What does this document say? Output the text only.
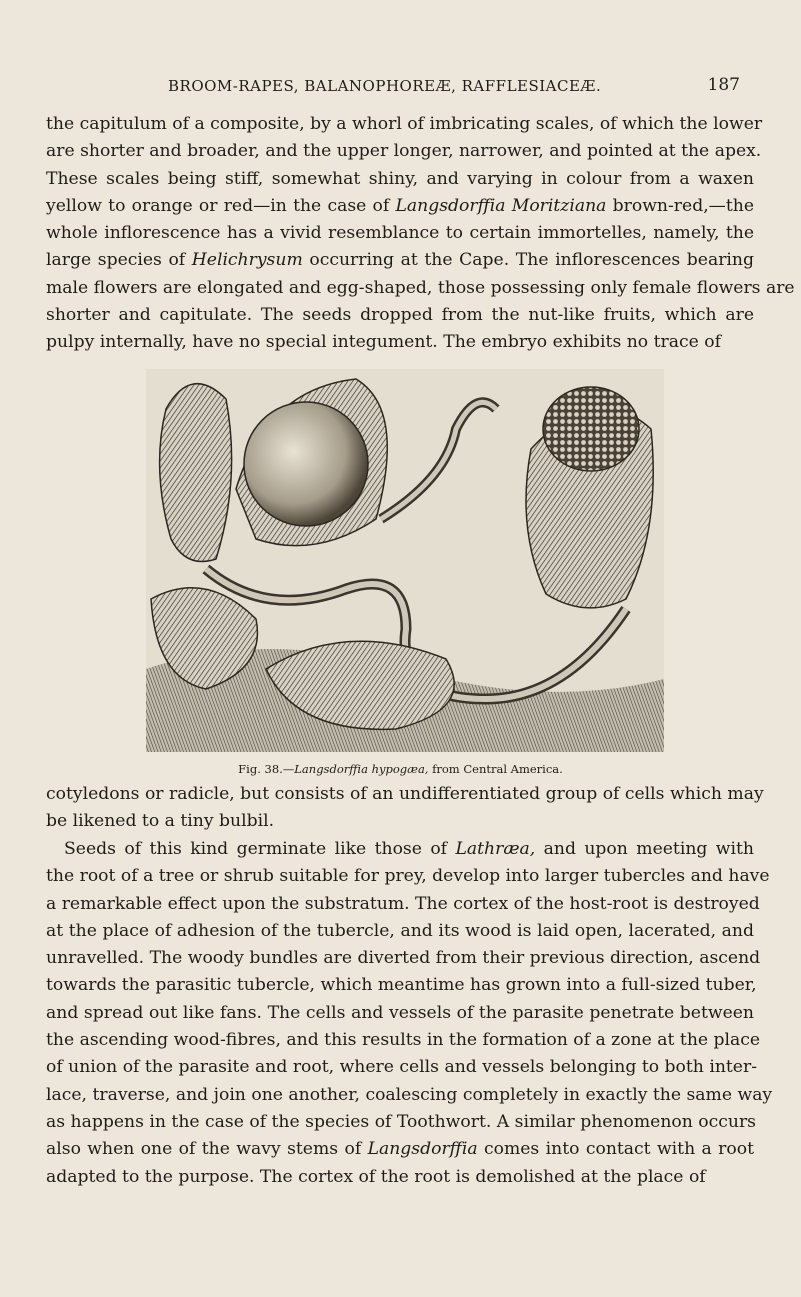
BROOM-RAPES, BALANOPHOREÆ, RAFFLESIACEÆ.	187

the capitulum of a composite, by a whorl of imbricating scales, of which the lower
are shorter and broader, and the upper longer, narrower, and pointed at the apex.
These scales being stiff, somewhat shiny, and varying in colour from a waxen
yellow to orange or red—in the case of Langsdorffia Moritziana brown-red,—the
whole inflorescence has a vivid resemblance to certain immortelles, namely, the
large species of Helichrysum occurring at the Cape. The inflorescences bearing
male flowers are elongated and egg-shaped, those possessing only female flowers are
shorter and capitulate. The seeds dropped from the nut-like fruits, which are
pulpy internally, have no special integument. The embryo exhibits no trace of

Fig. 38.—Langsdorffia hypogæa, from Central America.

cotyledons or radicle, but consists of an undifferentiated group of cells which may
be likened to a tiny bulbil.

Seeds of this kind germinate like those of Lathræa, and upon meeting with
the root of a tree or shrub suitable for prey, develop into larger tubercles and have
a remarkable effect upon the substratum. The cortex of the host-root is destroyed
at the place of adhesion of the tubercle, and its wood is laid open, lacerated, and
unravelled. The woody bundles are diverted from their previous direction, ascend
towards the parasitic tubercle, which meantime has grown into a full-sized tuber,
and spread out like fans. The cells and vessels of the parasite penetrate between
the ascending wood-fibres, and this results in the formation of a zone at the place
of union of the parasite and root, where cells and vessels belonging to both inter-
lace, traverse, and join one another, coalescing completely in exactly the same way
as happens in the case of the species of Toothwort. A similar phenomenon occurs
also when one of the wavy stems of Langsdorffia comes into contact with a root
adapted to the purpose. The cortex of the root is demolished at the place of
